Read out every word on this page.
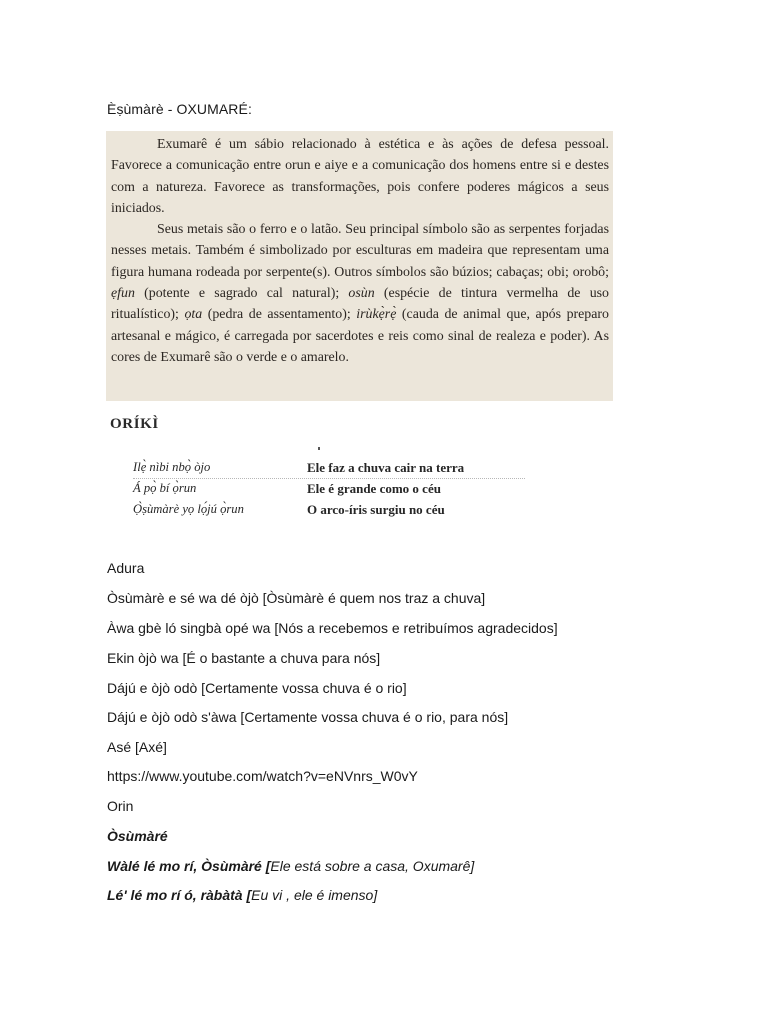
Èṣùmàrè - OXUMARÉ:

Exumarê é um sábio relacionado à estética e às ações de defesa pessoal. Favorece a comunicação entre orun e aiye e a comunicação dos homens entre si e destes com a natureza. Favorece as transformações, pois confere poderes mágicos a seus iniciados.

Seus metais são o ferro e o latão. Seu principal símbolo são as serpentes forjadas nesses metais. Também é simbolizado por esculturas em madeira que representam uma figura humana rodeada por serpente(s). Outros símbolos são búzios; cabaças; obi; orobô; ẹfun (potente e sagrado cal natural); osùn (espécie de tintura vermelha de uso ritualístico); ọta (pedra de assentamento); irùkẹ̀rẹ̀ (cauda de animal que, após preparo artesanal e mágico, é carregada por sacerdotes e reis como sinal de realeza e poder). As cores de Exumarê são o verde e o amarelo.

ORÍKÌ
Ilẹ̀ nìbi nbọ̀ òjo	Ele faz a chuva cair na terra
Á pọ̀ bí ọ̀run	Ele é grande como o céu
Ọ̀ṣùmàrè yọ lọ́jú ọ̀run	O arco-íris surgiu no céu
Adura
Òsùmàrè e sé wa dé òjò [Òsùmàrè é quem nos traz a chuva]
Àwa gbè ló singbà opé wa [Nós a recebemos e retribuímos agradecidos]
Ekin òjò wa [É o bastante a chuva para nós]
Dájú e òjò odò [Certamente vossa chuva é o rio]
Dájú e òjò odò s'àwa [Certamente vossa chuva é o rio, para nós]
Asé [Axé]
https://www.youtube.com/watch?v=eNVnrs_W0vY
Orin
Òsùmàré
Wàlé lé mo rí, Òsùmàré [Ele está sobre a casa, Oxumarê]
Lé' lé mo rí ó, ràbàtà [Eu vi , ele é imenso]
